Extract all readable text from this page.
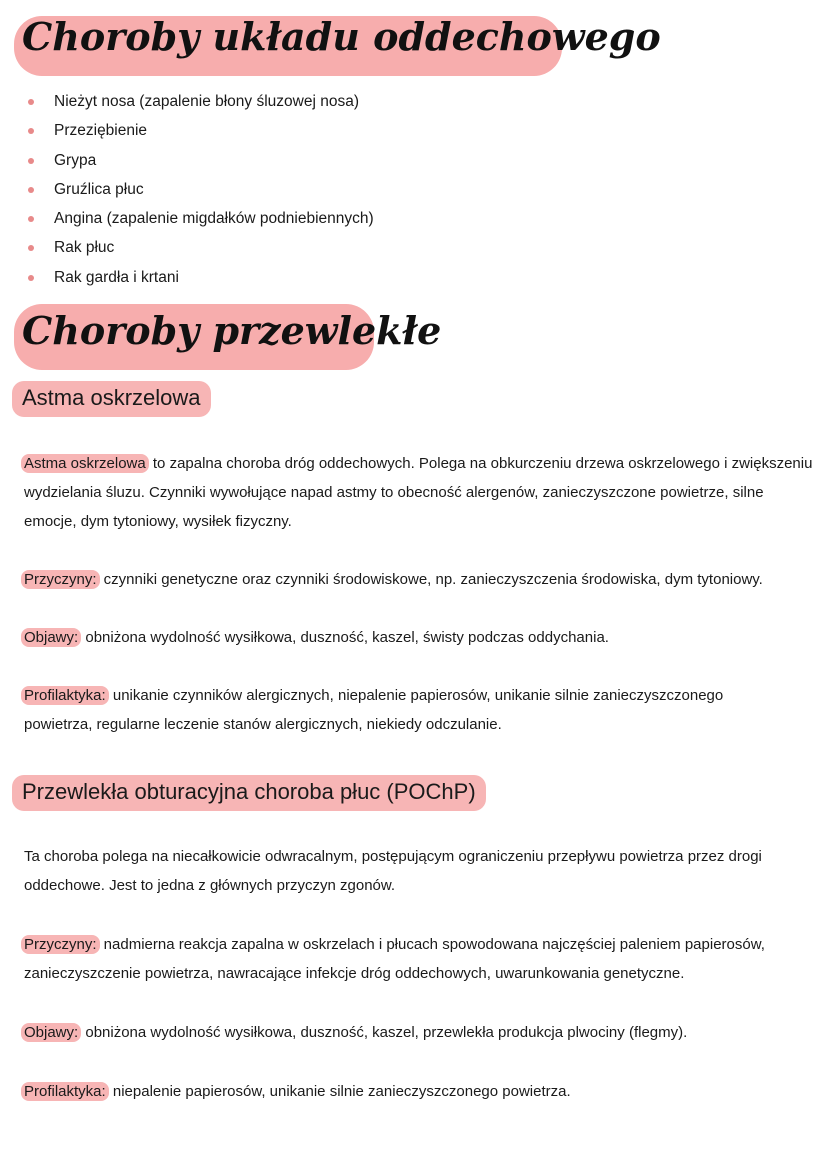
Choroby układu oddechowego
Nieżyt nosa (zapalenie błony śluzowej nosa)
Przeziębienie
Grypa
Gruźlica płuc
Angina (zapalenie migdałków podniebiennych)
Rak płuc
Rak gardła i krtani
Choroby przewlekłe
Astma oskrzelowa

Astma oskrzelowa to zapalna choroba dróg oddechowych. Polega na obkurczeniu drzewa oskrzelowego i zwiększeniu wydzielania śluzu. Czynniki wywołujące napad astmy to obecność alergenów, zanieczyszczone powietrze, silne emocje, dym tytoniowy, wysiłek fizyczny.

Przyczyny: czynniki genetyczne oraz czynniki środowiskowe, np. zanieczyszczenia środowiska, dym tytoniowy.

Objawy: obniżona wydolność wysiłkowa, duszność, kaszel, świsty podczas oddychania.

Profilaktyka: unikanie czynników alergicznych, niepalenie papierosów, unikanie silnie zanieczyszczonego powietrza, regularne leczenie stanów alergicznych, niekiedy odczulanie.

Przewlekła obturacyjna choroba płuc (POChP)

Ta choroba polega na niecałkowicie odwracalnym, postępującym ograniczeniu przepływu powietrza przez drogi oddechowe. Jest to jedna z głównych przyczyn zgonów.

Przyczyny: nadmierna reakcja zapalna w oskrzelach i płucach spowodowana najczęściej paleniem papierosów, zanieczyszczenie powietrza, nawracające infekcje dróg oddechowych, uwarunkowania genetyczne.

Objawy: obniżona wydolność wysiłkowa, duszność, kaszel, przewlekła produkcja plwociny (flegmy).

Profilaktyka: niepalenie papierosów, unikanie silnie zanieczyszczonego powietrza.
